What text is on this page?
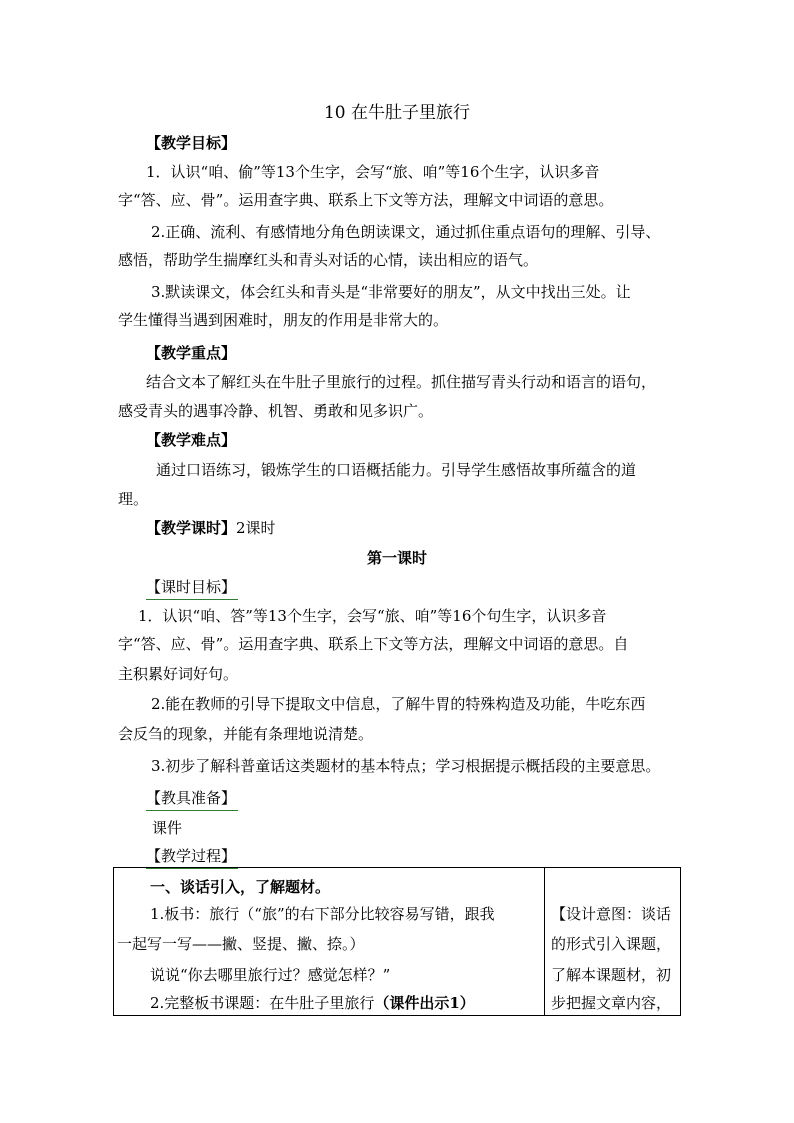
10 在牛肚子里旅行
【教学目标】
1．认识“咱、偷”等13个生字，会写“旅、咱”等16个生字，认识多音
字“答、应、骨”。运用查字典、联系上下文等方法，理解文中词语的意思。
2.正确、流利、有感情地分角色朗读课文，通过抓住重点语句的理解、引导、
感悟，帮助学生揣摩红头和青头对话的心情，读出相应的语气。
3.默读课文，体会红头和青头是“非常要好的朋友”，从文中找出三处。让
学生懂得当遇到困难时，朋友的作用是非常大的。
【教学重点】
结合文本了解红头在牛肚子里旅行的过程。抓住描写青头行动和语言的语句，
感受青头的遇事冷静、机智、勇敢和见多识广。
【教学难点】
通过口语练习，锻炼学生的口语概括能力。引导学生感悟故事所蕴含的道
理。
【教学课时】2课时
第一课时
【课时目标】
1．认识“咱、答”等13个生字，会写“旅、咱”等16个句生字，认识多音
字“答、应、骨”。运用查字典、联系上下文等方法，理解文中词语的意思。自
主积累好词好句。
2.能在教师的引导下提取文中信息，了解牛胃的特殊构造及功能，牛吃东西
会反刍的现象，并能有条理地说清楚。
3.初步了解科普童话这类题材的基本特点；学习根据提示概括段的主要意思。
【教具准备】
课件
【教学过程】
一、谈话引入，了解题材。
1.板书：旅行（“旅”的右下部分比较容易写错，跟我
一起写一写——撇、竖提、撇、捺。）
说说“你去哪里旅行过？感觉怎样？”
2.完整板书课题：在牛肚子里旅行（课件出示1）
【设计意图：谈话
的形式引入课题，
了解本课题材，初
步把握文章内容，
